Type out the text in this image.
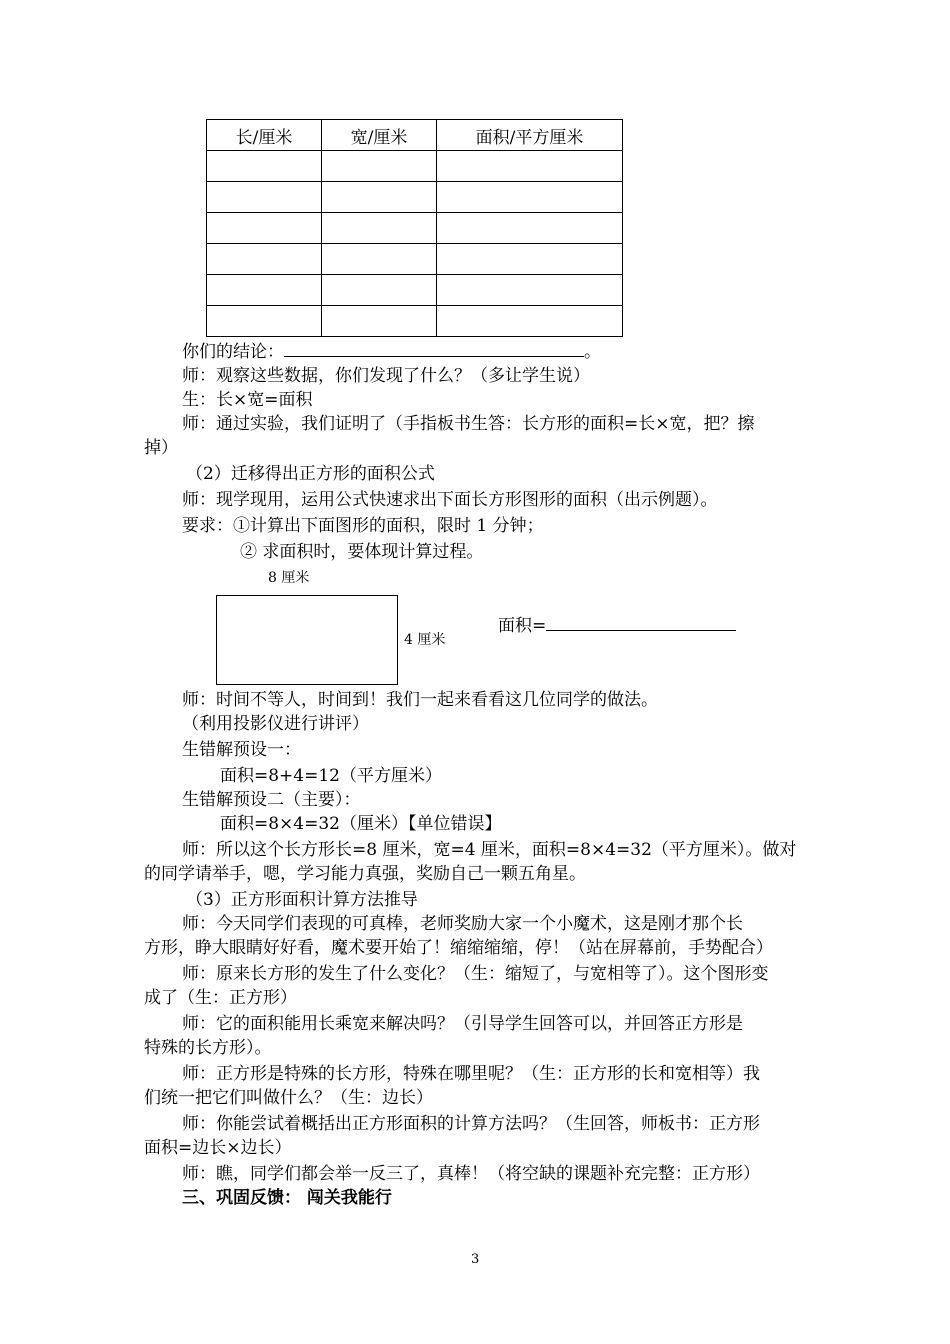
长/厘米	宽/厘米	面积/平方厘米

你们的结论：	。
师：观察这些数据，你们发现了什么？（多让学生说）
生：长×宽=面积
师：通过实验，我们证明了（手指板书生答：长方形的面积=长×宽，把？擦
掉）
（2）迁移得出正方形的面积公式
师：现学现用，运用公式快速求出下面长方形图形的面积（出示例题）。
要求：①计算出下面图形的面积，限时 1 分钟；
② 求面积时，要体现计算过程。
8 厘米
4 厘米
面积=
师：时间不等人，时间到！我们一起来看看这几位同学的做法。
（利用投影仪进行讲评）
生错解预设一：
面积=8+4=12（平方厘米）
生错解预设二（主要）：
面积=8×4=32（厘米）【单位错误】
师：所以这个长方形长=8 厘米，宽=4 厘米，面积=8×4=32（平方厘米）。做对
的同学请举手，嗯，学习能力真强，奖励自己一颗五角星。
（3）正方形面积计算方法推导
师：今天同学们表现的可真棒，老师奖励大家一个小魔术，这是刚才那个长
方形，睁大眼睛好好看，魔术要开始了！缩缩缩缩，停！（站在屏幕前，手势配合）
师：原来长方形的发生了什么变化？（生：缩短了，与宽相等了）。这个图形变
成了（生：正方形）
师：它的面积能用长乘宽来解决吗？（引导学生回答可以，并回答正方形是
特殊的长方形）。
师：正方形是特殊的长方形，特殊在哪里呢？（生：正方形的长和宽相等）我
们统一把它们叫做什么？（生：边长）
师：你能尝试着概括出正方形面积的计算方法吗？（生回答，师板书：正方形
面积=边长×边长）
师：瞧，同学们都会举一反三了，真棒！（将空缺的课题补充完整：正方形）
三、巩固反馈： 闯关我能行
3
